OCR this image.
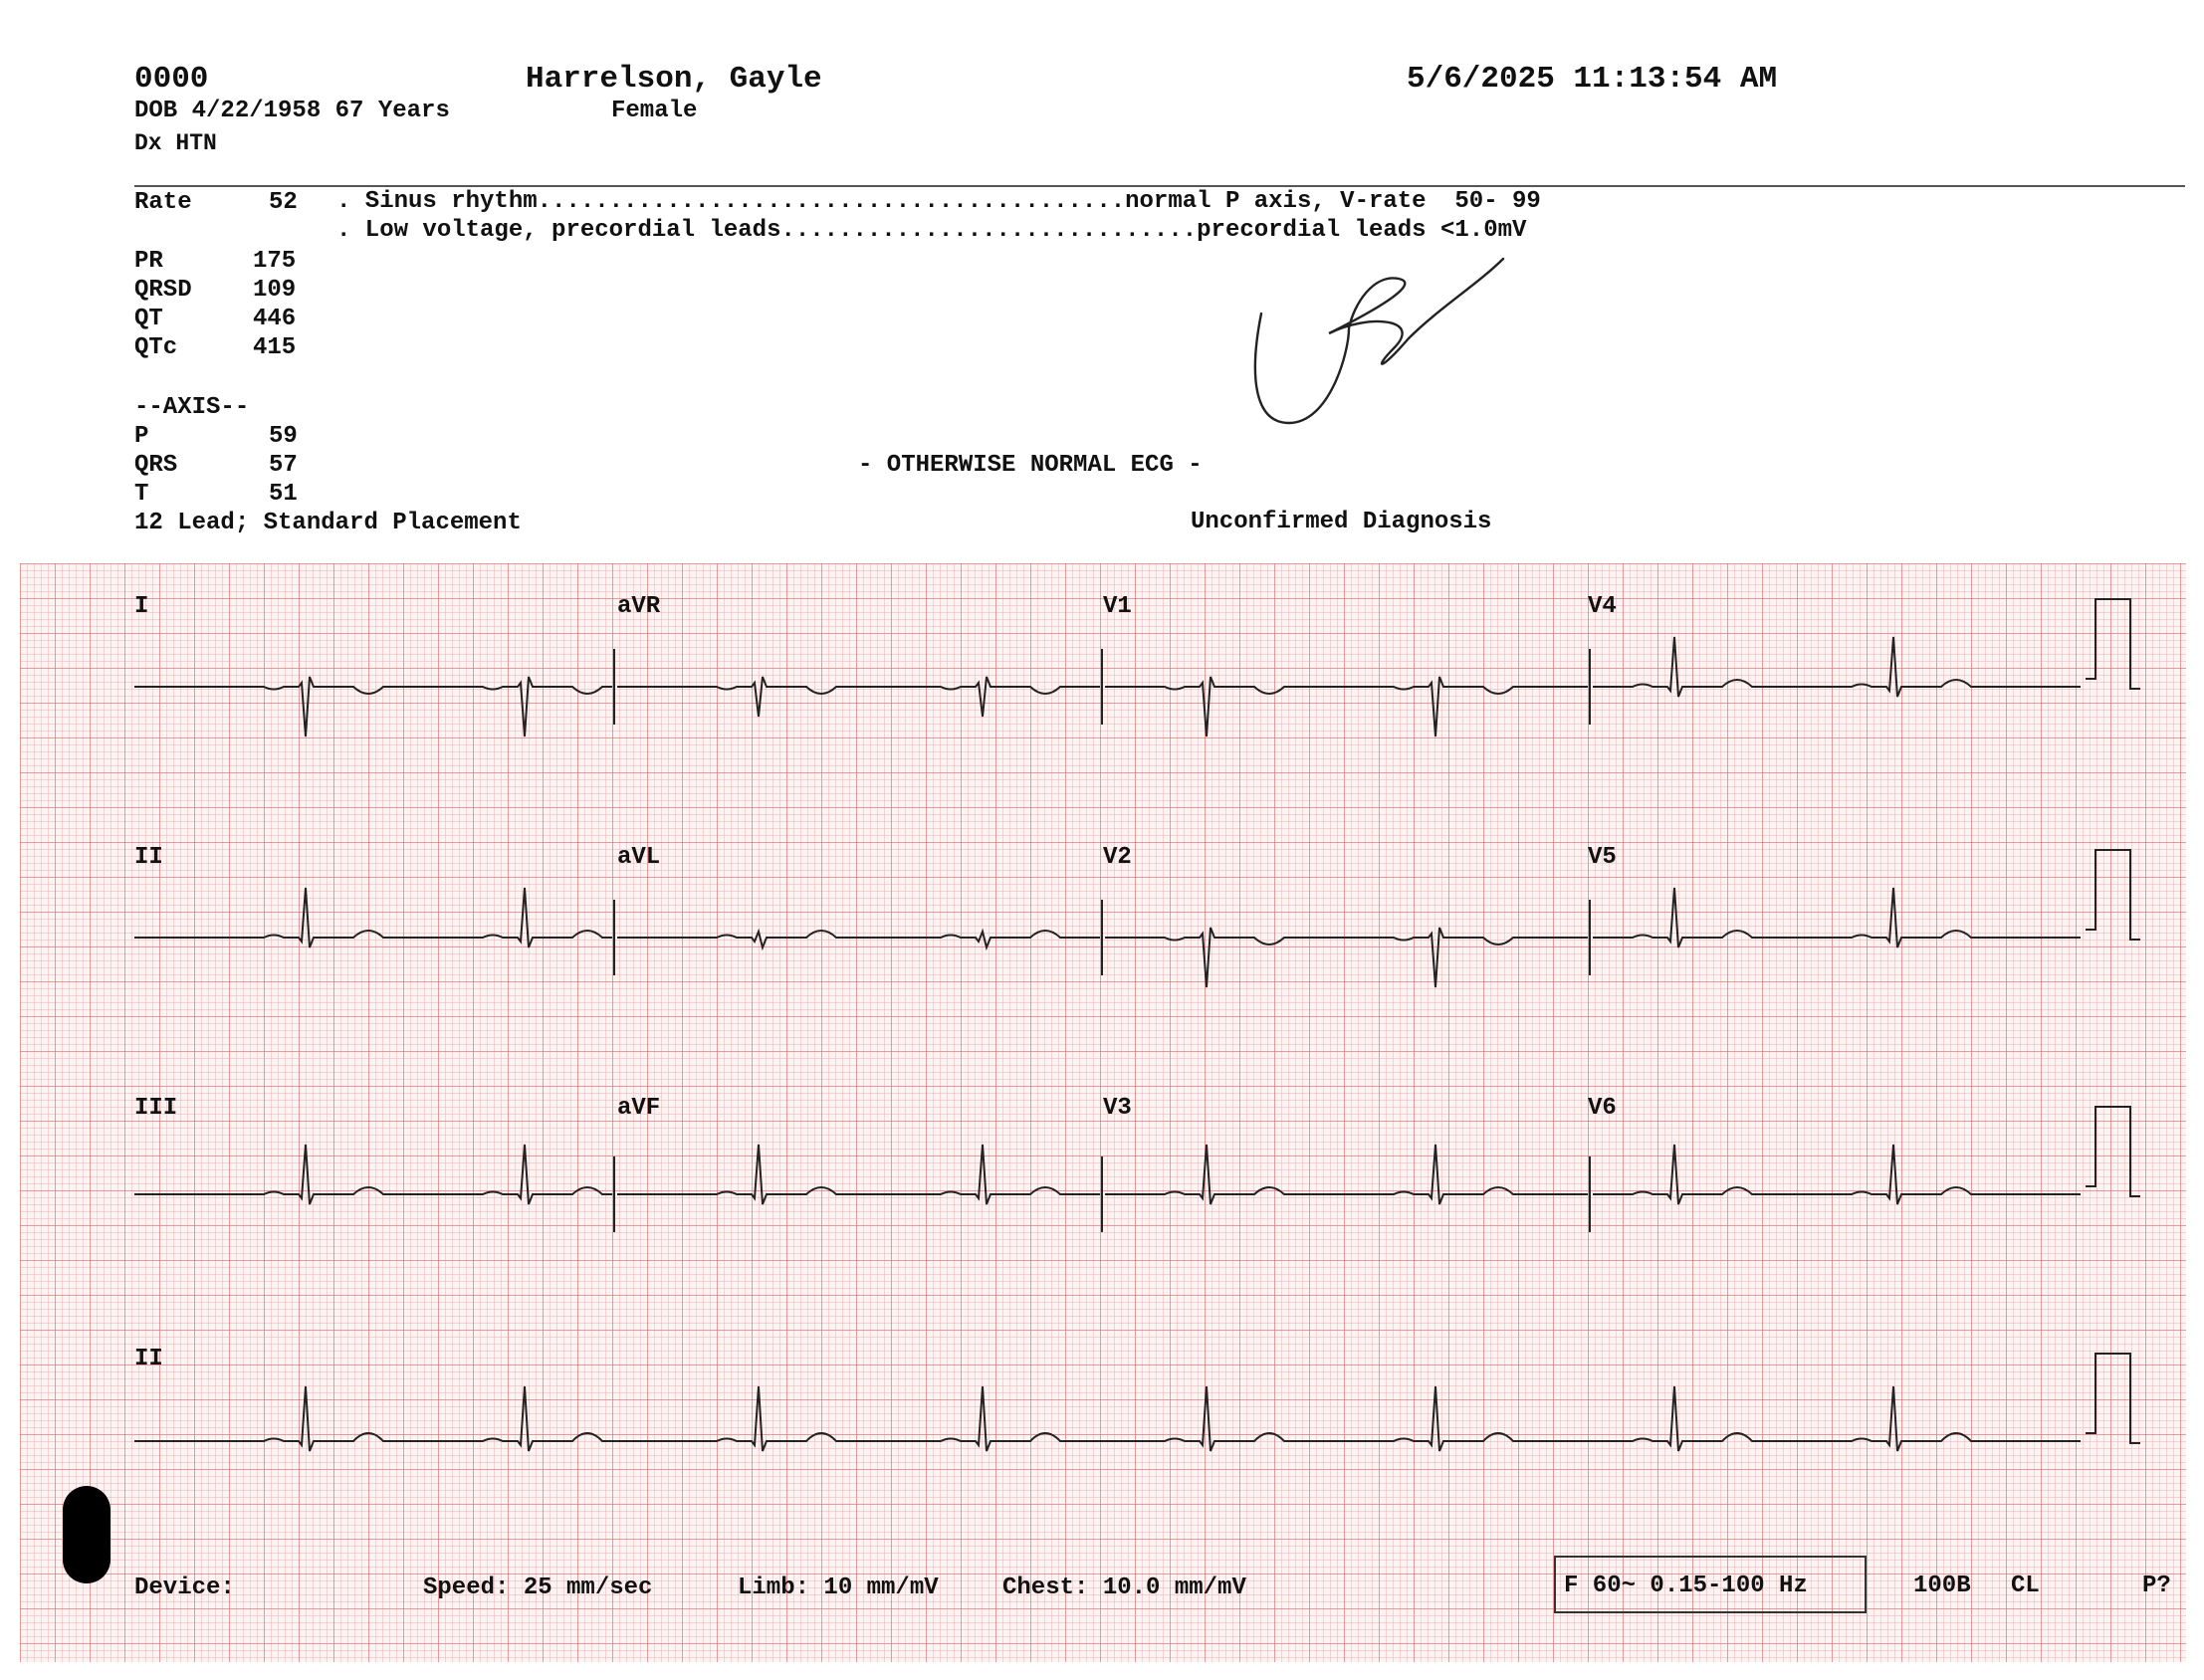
0000	Harrelson, Gayle	5/6/2025 11:13:54 AM
DOB 4/22/1958 67 Years	Female
Dx HTN
Rate	52
PR	175
QRSD	109
QT	446
QTc	415
--AXIS--
P	59
QRS	57
T	51
12 Lead; Standard Placement
. Sinus rhythm.........................................normal P axis, V-rate  50- 99
. Low voltage, precordial leads.............................precordial leads <1.0mV
- OTHERWISE NORMAL ECG -
Unconfirmed Diagnosis
I	aVR	V1	V4
II	aVL	V2	V5
III	aVF	V3	V6
II
Device:	Speed: 25 mm/sec	Limb: 10 mm/mV	Chest: 10.0 mm/mV	F 60~ 0.15-100 Hz	100B CL	P?
